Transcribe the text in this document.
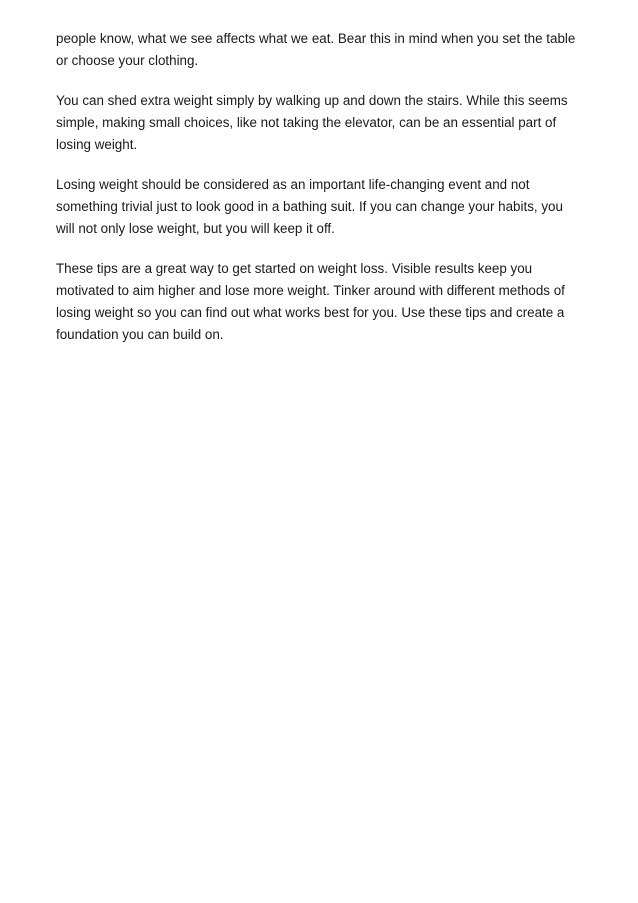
people know, what we see affects what we eat. Bear this in mind when you set the table or choose your clothing.

You can shed extra weight simply by walking up and down the stairs. While this seems simple, making small choices, like not taking the elevator, can be an essential part of losing weight.

Losing weight should be considered as an important life-changing event and not something trivial just to look good in a bathing suit. If you can change your habits, you will not only lose weight, but you will keep it off.

These tips are a great way to get started on weight loss. Visible results keep you motivated to aim higher and lose more weight. Tinker around with different methods of losing weight so you can find out what works best for you. Use these tips and create a foundation you can build on.
